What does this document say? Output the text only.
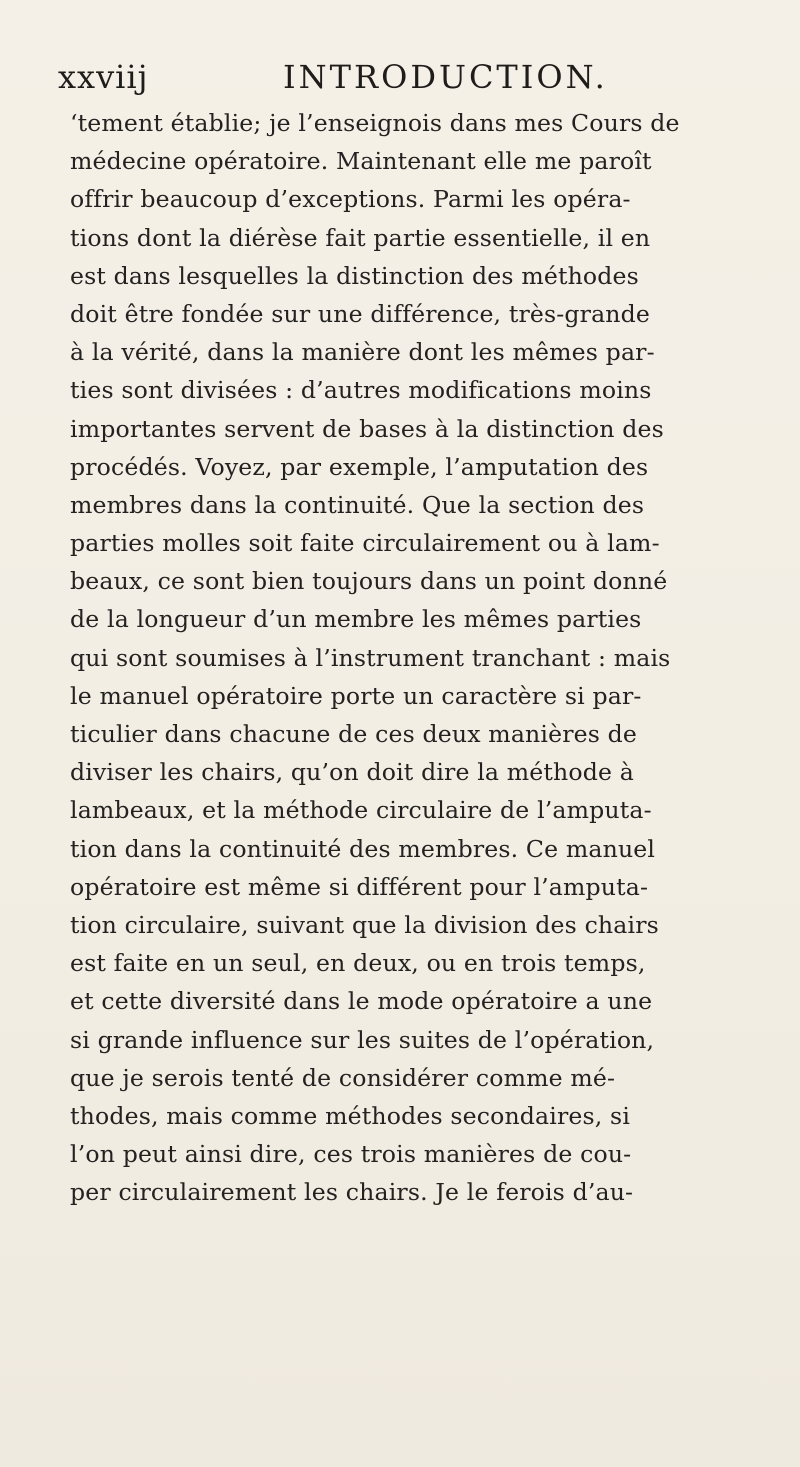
xxviij	INTRODUCTION.
‘tement établie; je l’enseignois dans mes Cours de
médecine opératoire. Maintenant elle me paroît
offrir beaucoup d’exceptions. Parmi les opéra-
tions dont la diérèse fait partie essentielle, il en
est dans lesquelles la distinction des méthodes
doit être fondée sur une différence, très-grande
à la vérité, dans la manière dont les mêmes par-
ties sont divisées : d’autres modifications moins
importantes servent de bases à la distinction des
procédés. Voyez, par exemple, l’amputation des
membres dans la continuité. Que la section des
parties molles soit faite circulairement ou à lam-
beaux, ce sont bien toujours dans un point donné
de la longueur d’un membre les mêmes parties
qui sont soumises à l’instrument tranchant : mais
le manuel opératoire porte un caractère si par-
ticulier dans chacune de ces deux manières de
diviser les chairs, qu’on doit dire la méthode à
lambeaux, et la méthode circulaire de l’amputa-
tion dans la continuité des membres. Ce manuel
opératoire est même si différent pour l’amputa-
tion circulaire, suivant que la division des chairs
est faite en un seul, en deux, ou en trois temps,
et cette diversité dans le mode opératoire a une
si grande influence sur les suites de l’opération,
que je serois tenté de considérer comme mé-
thodes, mais comme méthodes secondaires, si
l’on peut ainsi dire, ces trois manières de cou-
per circulairement les chairs. Je le ferois d’au-
